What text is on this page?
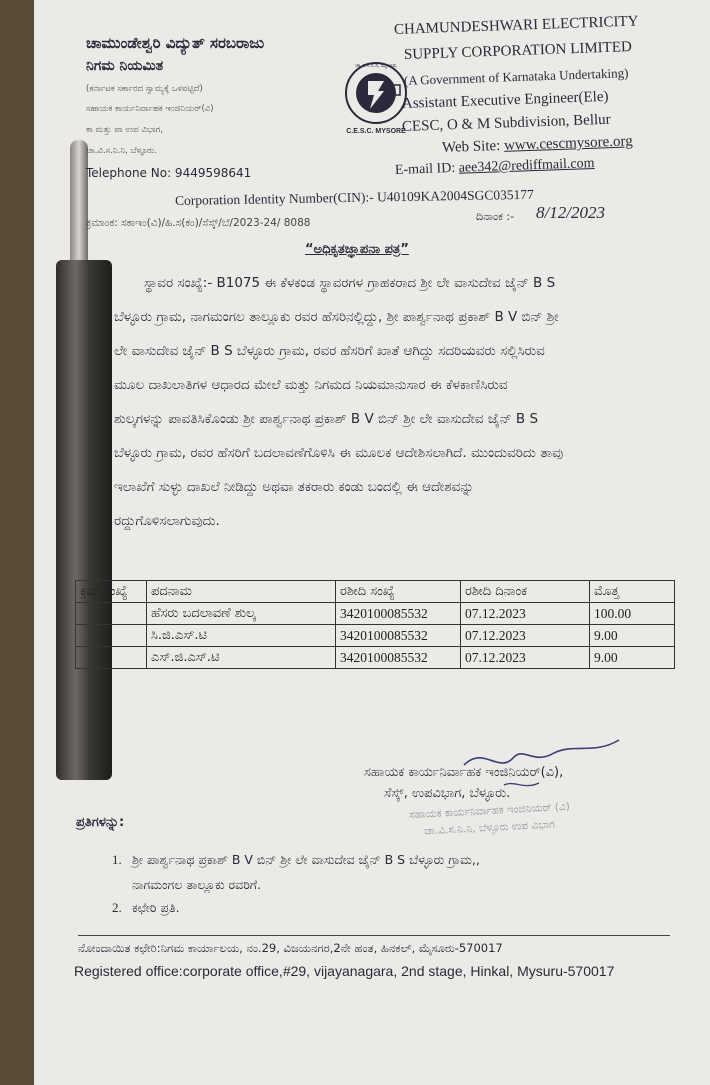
ಚಾಮುಂಡೇಶ್ವರಿ ವಿದ್ಯುತ್ ಸರಬರಾಜು
ನಿಗಮ ನಿಯಮಿತ
(ಕರ್ನಾಟಕ ಸರ್ಕಾರದ ಸ್ವಾಮ್ಯಕ್ಕೆ ಒಳಪಟ್ಟಿದೆ)
ಸಹಾಯಕ ಕಾರ್ಯನಿರ್ವಾಹಕ ಇಂಜಿನಿಯರ್(ವಿ)
ಕಾ ಮತ್ತು ಪಾ ಉಪ ವಿಭಾಗ,
ಚಾ.ವಿ.ಸ.ನಿ.ನಿ, ಬೆಳ್ಳೂರು.
Telephone No: 9449598641
ಚಾ.ವಿ.ಸ.ನಿ.ನಿ, ಮೈಸೂರು
C.E.S.C. MYSORE
CHAMUNDESHWARI ELECTRICITY
SUPPLY CORPORATION LIMITED
(A Government of Karnataka Undertaking)
Assistant Executive Engineer(Ele)
CESC, O & M Subdivision, Bellur
Web Site: www.cescmysore.org
E-mail ID: aee342@rediffmail.com
Corporation Identity Number(CIN):- U40109KA2004SGC035177
ಕ್ರಮಾಂಕ: ಸಕಾಇಂ(ವಿ)/ಹಿ.ಸ(ಕಂ)/ಸೆಸ್ಕ್/ಬೆ/2023-24/ 8088	ದಿನಾಂಕ :- 8/12/2023
“ಅಧಿಕೃತಜ್ಞಾಪನಾ ಪತ್ರ”
ಸ್ಥಾವರ ಸಂಖ್ಯೆ:- B1075 ಈ ಕೆಳಕಂಡ ಸ್ಥಾವರಗಳ ಗ್ರಾಹಕರಾದ ಶ್ರೀ ಲೇ ವಾಸುದೇವ ಜೈನ್ B S
ಬೆಳ್ಳೂರು ಗ್ರಾಮ, ನಾಗಮಂಗಲ ತಾಲ್ಲೂಕು ರವರ ಹೆಸರಿನಲ್ಲಿದ್ದು, ಶ್ರೀ ಪಾರ್ಶ್ವನಾಥ ಪ್ರಕಾಶ್ B V ಬಿನ್ ಶ್ರೀ
ಲೇ ವಾಸುದೇವ ಜೈನ್ B S ಬೆಳ್ಳೂರು ಗ್ರಾಮ, ರವರ ಹೆಸರಿಗೆ ಖಾತೆ ಆಗಿದ್ದು ಸದರಿಯವರು ಸಲ್ಲಿಸಿರುವ
ಮೂಲ ದಾಖಲಾತಿಗಳ ಆಧಾರದ ಮೇಲೆ ಮತ್ತು ನಿಗಮದ ನಿಯಮಾನುಸಾರ ಈ ಕೆಳಕಾಣಿಸಿರುವ
ಶುಲ್ಕಗಳನ್ನು ಪಾವತಿಸಿಕೊಂಡು ಶ್ರೀ ಪಾರ್ಶ್ವನಾಥ ಪ್ರಕಾಶ್ B V ಬಿನ್ ಶ್ರೀ ಲೇ ವಾಸುದೇವ ಜೈನ್ B S
ಬೆಳ್ಳೂರು ಗ್ರಾಮ, ರವರ ಹೆಸರಿಗೆ ಬದಲಾವಣೆಗೊಳಿಸಿ ಈ ಮೂಲಕ ಆದೇಶಿಸಲಾಗಿದೆ. ಮುಂದುವರಿದು ತಾವು
ಇಲಾಖೆಗೆ ಸುಳ್ಳು ದಾಖಲೆ ನೀಡಿದ್ದು ಅಥವಾ ತಕರಾರು ಕಂಡು ಬಂದಲ್ಲಿ ಈ ಆದೇಶವನ್ನು
ರದ್ದುಗೊಳಿಸಲಾಗುವುದು.
ಕ್ರಮ ಸಂಖ್ಯೆ	ಪದನಾಮ	ರಶೀದಿ ಸಂಖ್ಯೆ	ರಶೀದಿ ದಿನಾಂಕ	ಮೊತ್ತ
	ಹೆಸರು ಬದಲಾವಣೆ ಶುಲ್ಕ	3420100085532	07.12.2023	100.00
	ಸಿ.ಜಿ.ಎಸ್.ಟಿ	3420100085532	07.12.2023	9.00
	ಎಸ್.ಜಿ.ಎಸ್.ಟಿ	3420100085532	07.12.2023	9.00
ಸಹಾಯಕ ಕಾರ್ಯನಿರ್ವಾಹಕ ಇಂಜಿನಿಯರ್(ವಿ),
ಸೆಸ್ಕ್, ಉಪವಿಭಾಗ, ಬೆಳ್ಳೂರು.
ಸಹಾಯಕ ಕಾರ್ಯನಿರ್ವಾಹಕ ಇಂಜಿನಿಯರ್ (ವಿ)
ಚಾ.ವಿ.ಸ.ನಿ.ನಿ, ಬೆಳ್ಳೂರು ಉಪ ವಿಭಾಗ
ಪ್ರತಿಗಳನ್ನು:
1. ಶ್ರೀ ಪಾರ್ಶ್ವನಾಥ ಪ್ರಕಾಶ್ B V ಬಿನ್ ಶ್ರೀ ಲೇ ವಾಸುದೇವ ಜೈನ್ B S ಬೆಳ್ಳೂರು ಗ್ರಾಮ,,
ನಾಗಮಂಗಲ ತಾಲ್ಲೂಕು ರವರಿಗೆ.
2. ಕಛೇರಿ ಪ್ರತಿ.
ನೋಂದಾಯಿತ ಕಛೇರಿ:ನಿಗಮ ಕಾರ್ಯಾಲಯ, ನಂ.29, ವಿಜಯನಗರ,2ನೇ ಹಂತ, ಹಿನಕಲ್, ಮೈಸೂರು-570017
Registered office:corporate office,#29, vijayanagara, 2nd stage, Hinkal, Mysuru-570017
